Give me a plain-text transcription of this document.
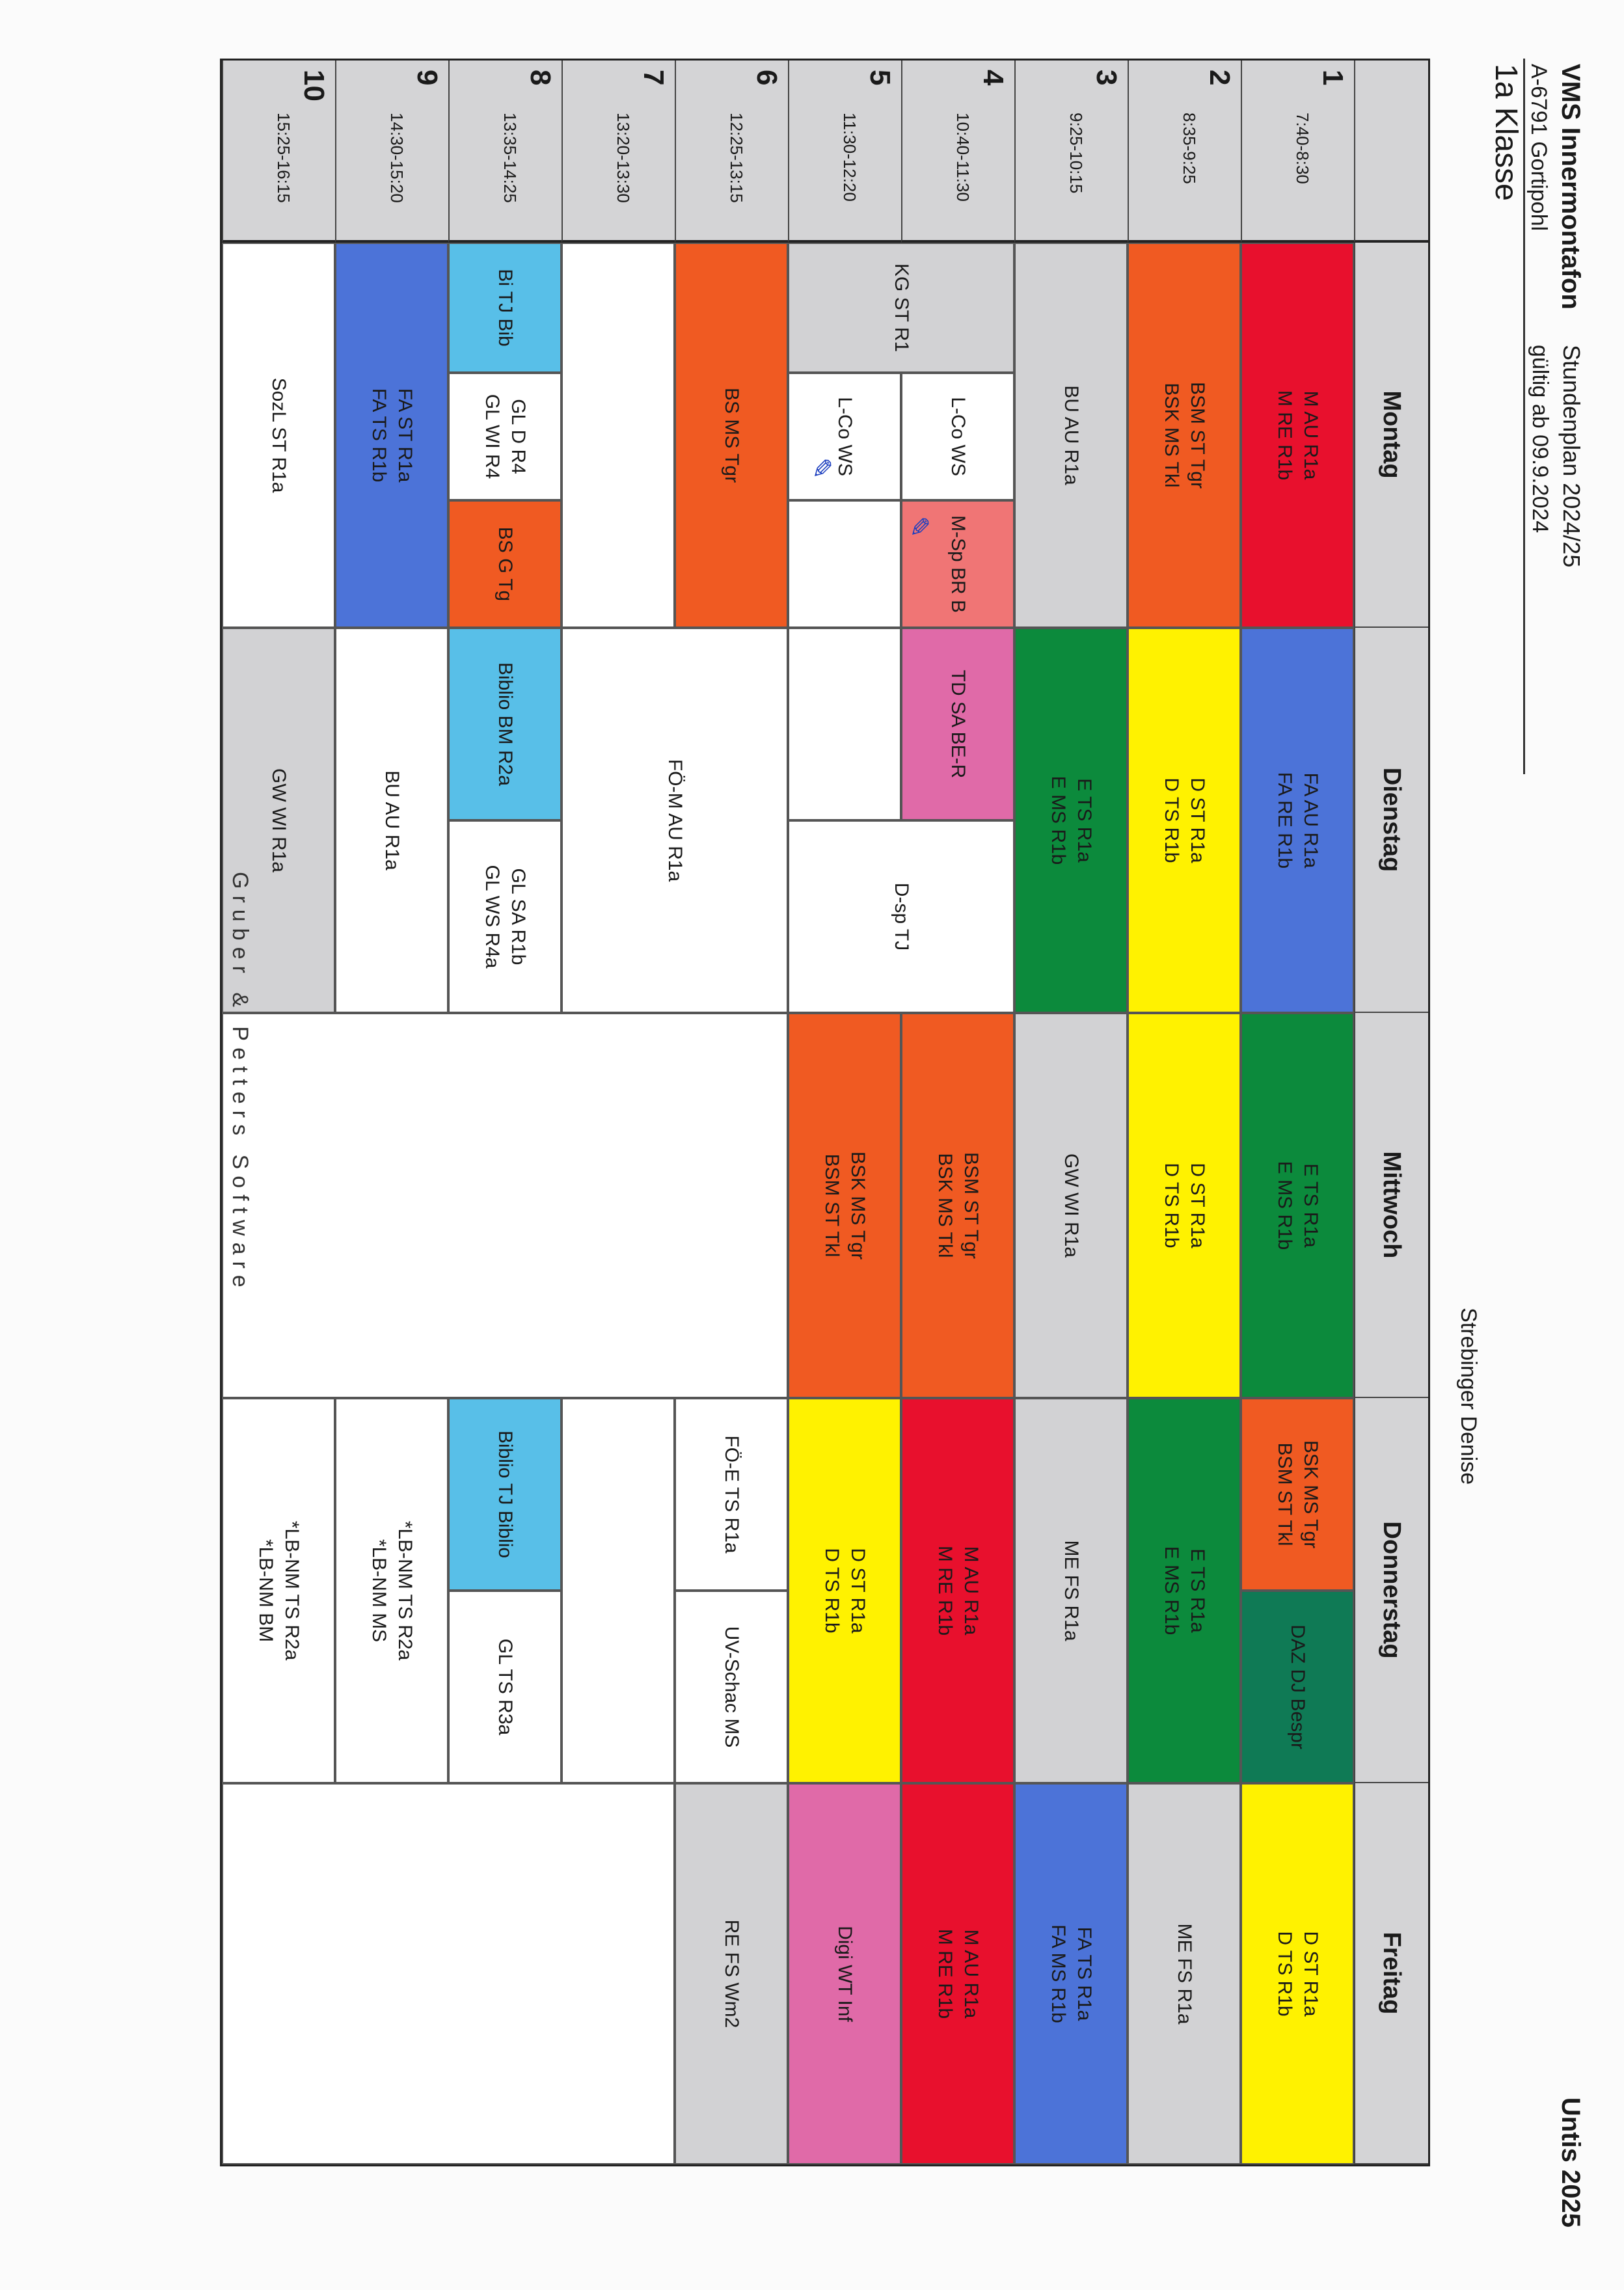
VMS Innermontafon
A-6791 Gortipohl
1a Klasse
Stundenplan 2024/25
gültig ab 09.9.2024
Strebinger Denise
Untis 2025
Montag
Dienstag
Mittwoch
Donnerstag
Freitag
1
7:40-8:30
2
8:35-9:25
3
9:25-10:15
4
10:40-11:30
5
11:30-12:20
6
12:25-13:15
7
13:20-13:30
8
13:35-14:25
9
14:30-15:20
10
15:25-16:15
M AU R1a
M RE R1b
BSM ST Tgr
BSK MS Tkl
BU AU R1a
KG ST R1
L-Co WS
M-Sp BR B
L-Co WS
BS MS Tgr
Bi TJ Bib
GL D R4
GL WI R4
BS G Tg
FA ST R1a
FA TS R1b
SozL ST R1a
FA AU R1a
FA RE R1b
D ST R1a
D TS R1b
E TS R1a
E MS R1b
TD SA BE-R
D-sp TJ
FÖ-M AU R1a
Biblio BM R2a
GL SA R1b
GL WS R4a
BU AU R1a
GW WI R1a
E TS R1a
E MS R1b
D ST R1a
D TS R1b
GW WI R1a
BSM ST Tgr
BSK MS Tkl
BSK MS Tgr
BSM ST Tkl
BSK MS Tgr
BSM ST Tkl
DAZ DJ Bespr
E TS R1a
E MS R1b
ME FS R1a
M AU R1a
M RE R1b
D ST R1a
D TS R1b
FÖ-E TS R1a
UV-Schac MS
Biblio TJ Biblio
GL TS R3a
*LB-NM TS R2a
*LB-NM MS
*LB-NM TS R2a
*LB-NM BM
D ST R1a
D TS R1b
ME FS R1a
FA TS R1a
FA MS R1b
M AU R1a
M RE R1b
Digi WT Inf
RE FS Wm2
✎
✎
Gruber & Petters Software
